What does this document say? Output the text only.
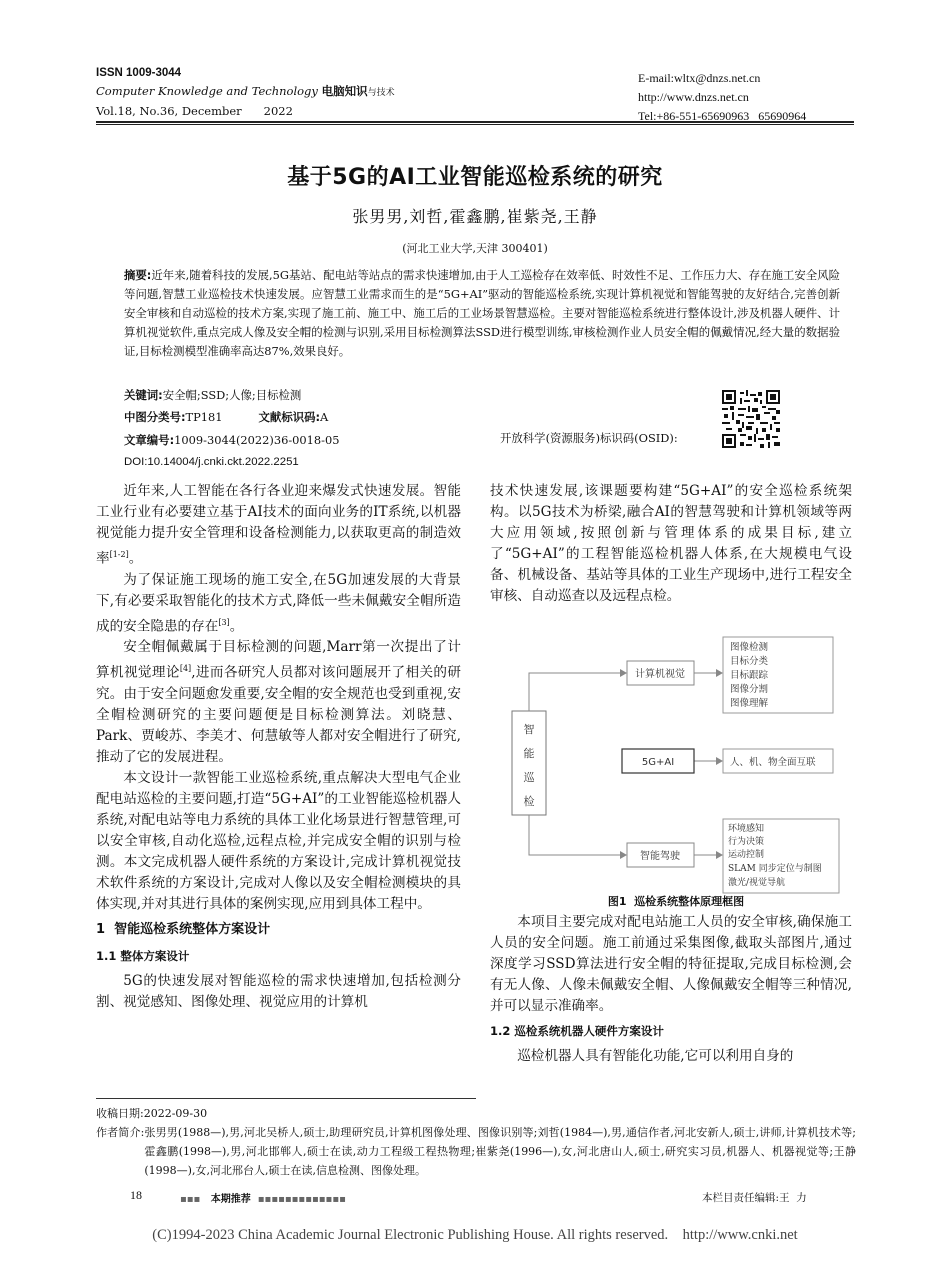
ISSN 1009-3044
Computer Knowledge and Technology 电脑知识与技术
Vol.18, No.36, December 2022
E-mail:wltx@dnzs.net.cn
http://www.dnzs.net.cn
Tel:+86-551-65690963   65690964
基于5G的AI工业智能巡检系统的研究
张男男,刘哲,霍鑫鹏,崔紫尧,王静
(河北工业大学,天津 300401)
摘要:近年来,随着科技的发展,5G基站、配电站等站点的需求快速增加,由于人工巡检存在效率低、时效性不足、工作压力大、存在施工安全风险等问题,智慧工业巡检技术快速发展。应智慧工业需求而生的是“5G+AI”驱动的智能巡检系统,实现计算机视觉和智能驾驶的友好结合,完善创新安全审核和自动巡检的技术方案,实现了施工前、施工中、施工后的工业场景智慧巡检。主要对智能巡检系统进行整体设计,涉及机器人硬件、计算机视觉软件,重点完成人像及安全帽的检测与识别,采用目标检测算法SSD进行模型训练,审核检测作业人员安全帽的佩戴情况,经大量的数据验证,目标检测模型准确率高达87%,效果良好。
关键词:安全帽;SSD;人像;目标检测
中图分类号:TP181	文献标识码:A
文章编号:1009-3044(2022)36-0018-05
DOI:10.14004/j.cnki.ckt.2022.2251
开放科学(资源服务)标识码(OSID):

近年来,人工智能在各行各业迎来爆发式快速发展。智能工业行业有必要建立基于AI技术的面向业务的IT系统,以机器视觉能力提升安全管理和设备检测能力,以获取更高的制造效率[1-2]。

为了保证施工现场的施工安全,在5G加速发展的大背景下,有必要采取智能化的技术方式,降低一些未佩戴安全帽所造成的安全隐患的存在[3]。

安全帽佩戴属于目标检测的问题,Marr第一次提出了计算机视觉理论[4],进而各研究人员都对该问题展开了相关的研究。由于安全问题愈发重要,安全帽的安全规范也受到重视,安全帽检测研究的主要问题便是目标检测算法。刘晓慧、Park、贾峻苏、李美才、何慧敏等人都对安全帽进行了研究,推动了它的发展进程。

本文设计一款智能工业巡检系统,重点解决大型电气企业配电站巡检的主要问题,打造“5G+AI”的工业智能巡检机器人系统,对配电站等电力系统的具体工业化场景进行智慧管理,可以安全审核,自动化巡检,远程点检,并完成安全帽的识别与检测。本文完成机器人硬件系统的方案设计,完成计算机视觉技术软件系统的方案设计,完成对人像以及安全帽检测模块的具体实现,并对其进行具体的案例实现,应用到具体工程中。

1  智能巡检系统整体方案设计
1.1 整体方案设计

5G的快速发展对智能巡检的需求快速增加,包括检测分割、视觉感知、图像处理、视觉应用的计算机

技术快速发展,该课题要构建“5G+AI”的安全巡检系统架构。以5G技术为桥梁,融合AI的智慧驾驶和计算机领域等两大应用领域,按照创新与管理体系的成果目标,建立了“5G+AI”的工程智能巡检机器人体系,在大规模电气设备、机械设备、基站等具体的工业生产现场中,进行工程安全审核、自动巡查以及远程点检。

智
能
巡
检
计算机视觉
图像检测
目标分类
目标跟踪
图像分割
图像理解
5G+AI	人、机、物全面互联
智能驾驶
环境感知
行为决策
运动控制
SLAM 同步定位与制图
激光/视觉导航
图1  巡检系统整体原理框图

本项目主要完成对配电站施工人员的安全审核,确保施工人员的安全问题。施工前通过采集图像,截取头部图片,通过深度学习SSD算法进行安全帽的特征提取,完成目标检测,会有无人像、人像未佩戴安全帽、人像佩戴安全帽等三种情况,并可以显示准确率。

1.2 巡检系统机器人硬件方案设计

巡检机器人具有智能化功能,它可以利用自身的

收稿日期:2022-09-30

作者简介:张男男(1988—),男,河北吴桥人,硕士,助理研究员,计算机图像处理、图像识别等;刘哲(1984—),男,通信作者,河北安新人,硕士,讲师,计算机技术等;霍鑫鹏(1998—),男,河北邯郸人,硕士在读,动力工程级工程热物理;崔紫尧(1996—),女,河北唐山人,硕士,研究实习员,机器人、机器视觉等;王静(1998—),女,河北邢台人,硕士在读,信息检测、图像处理。

18	▪▪▪ 本期推荐 ▪▪▪▪▪▪▪▪▪▪▪▪▪	本栏目责任编辑:王  力
(C)1994-2023 China Academic Journal Electronic Publishing House. All rights reserved.    http://www.cnki.net
